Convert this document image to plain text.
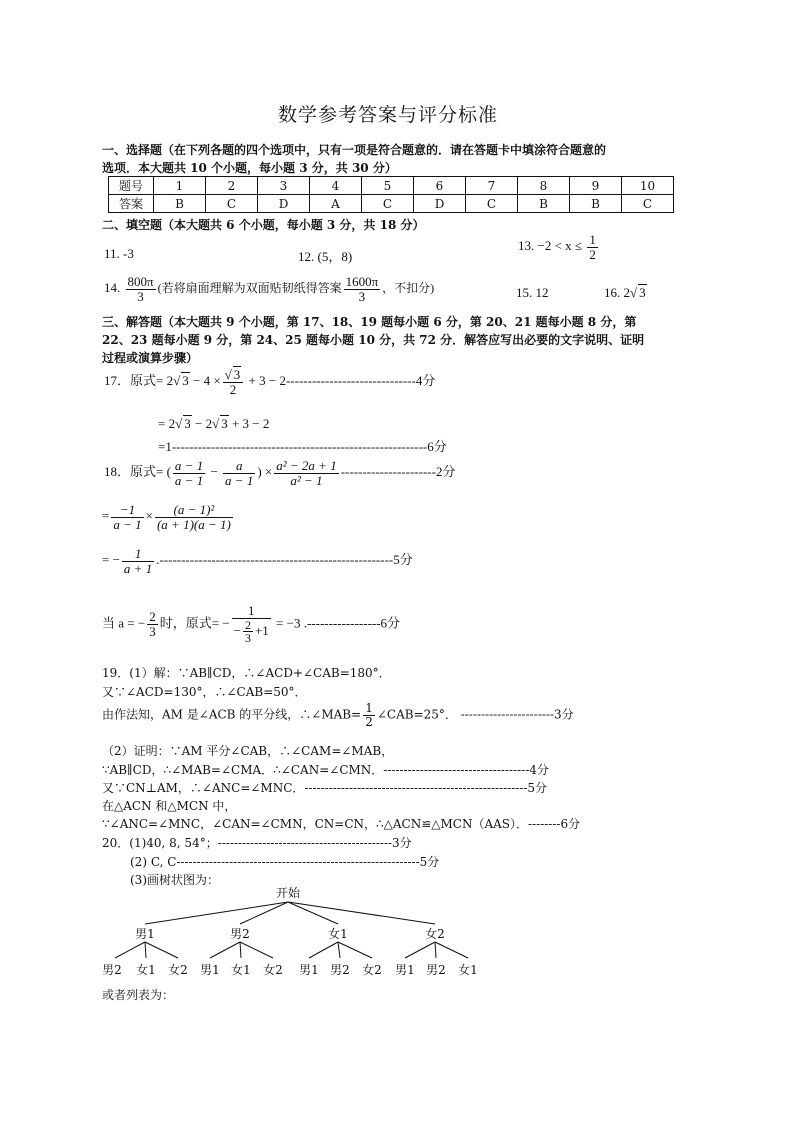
数学参考答案与评分标准
一、选择题（在下列各题的四个选项中，只有一项是符合题意的．请在答题卡中填涂符合题意的
选项．本大题共 10 个小题，每小题 3 分，共 30 分）
题号	1	2	3	4	5	6	7	8	9	10
答案	B	C	D	A	C	D	C	B	B	C
二、填空题（本大题共 6 个小题，每小题 3 分，共 18 分）
11. -3	12. (5，8)
13. $-2 < x \le \frac{1}{2}$
14. $\frac{800\pi}{3}$ (若将扇面理解为双面贴韧纸得答案 $\frac{1600\pi}{3}$ ，不扣分)	15. 12	16. 2√ 3
三、解答题（本大题共 9 个小题，第 17、18、19 题每小题 6 分，第 20、21 题每小题 8 分，第
22、23 题每小题 9 分，第 24、25 题每小题 10 分，共 72 分．解答应写出必要的文字说明、证明
过程或演算步骤）
17．原式= 2√ $3 - 4 \times \frac{√ 3}{2} + 3 - 2------------------------------4$分
= 2√ 3 − 2√ 3 + 3 − 2
=1-----------------------------------------------------------6分
18．原式= ( $\frac{a - 1}{a - 1} - \frac{a}{a - 1}$ ) × $\frac{\text{a² − 2a + 1}}{\text{a² − 1}} ----------------------2$分
= $\frac{-1}{a - 1} \times \frac{\text{(a − 1)²}}{(a + 1)(a - 1)}$
= − $\frac{1}{a + 1} .------------------------------------------------------5$分
当 a = − $\frac{2}{3}$ 时，原式= − $\frac{1}{- \frac{2}{3} +1} = -3$ .-----------------6分
19．(1）解：∵AB∥CD，∴∠ACD+∠CAB=180°．
又∵∠ACD=130°，∴∠CAB=50°．
由作法知，AM 是∠ACB 的平分线，∴∠MAB= $\frac{1}{2}$ ∠CAB=25°． -----------------------3分
（2）证明：∵AM 平分∠CAB，∴∠CAM=∠MAB，
∵AB∥CD，∴∠MAB=∠CMA．∴∠CAN=∠CMN．------------------------------------4分
又∵CN⊥AM，∴∠ANC=∠MNC．-------------------------------------------------------5分
在△ACN 和△MCN 中，
∵∠ANC=∠MNC，∠CAN=∠CMN，CN=CN，∴△ACN≌△MCN（AAS）．--------6分
20．(1)40, 8, 54°；-------------------------------------------3分
(2) C, C------------------------------------------------------------5分
(3)画树状图为：
开始
男1	男2	女1	女2
男2 女1 女2 男1 女1 女2 男1 男2 女2 男1 男2 女1
或者列表为：
